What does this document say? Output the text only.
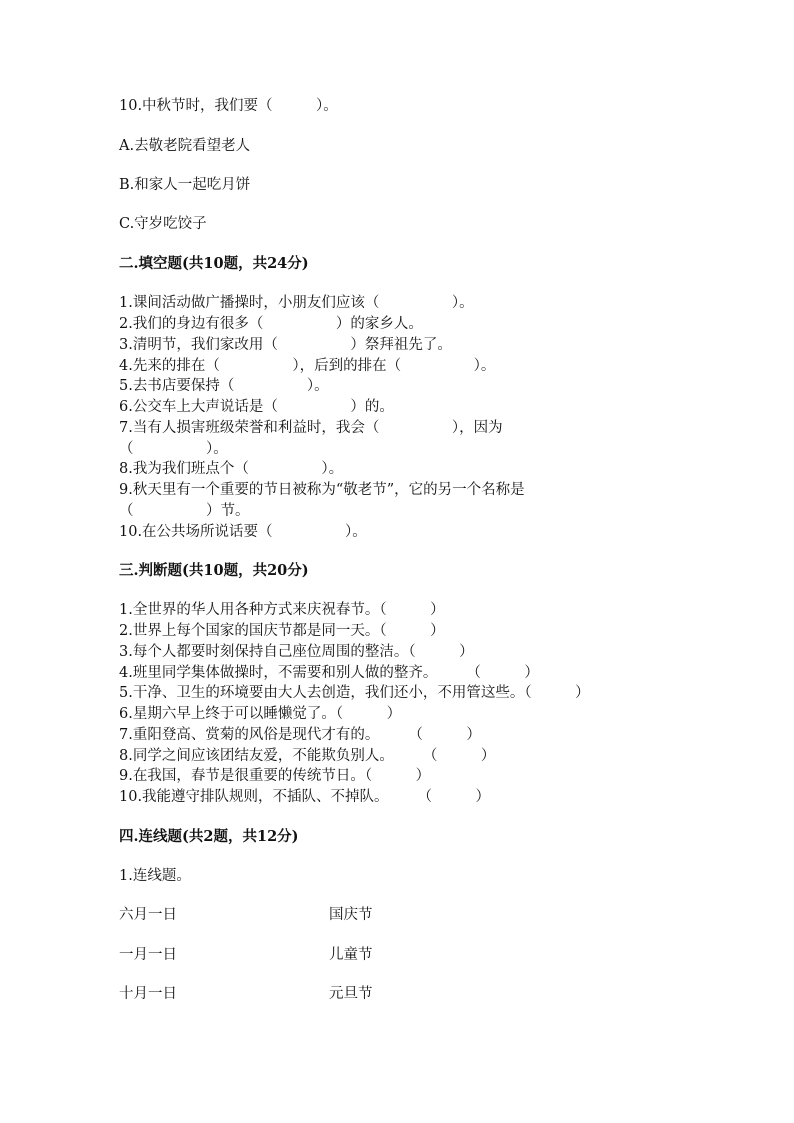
10.中秋节时，我们要（　　　）。
A.去敬老院看望老人
B.和家人一起吃月饼
C.守岁吃饺子
二.填空题(共10题，共24分)
1.课间活动做广播操时，小朋友们应该（　　　　　）。
2.我们的身边有很多（　　　　　）的家乡人。
3.清明节，我们家改用（　　　　　）祭拜祖先了。
4.先来的排在（　　　　　），后到的排在（　　　　　）。
5.去书店要保持（　　　　　）。
6.公交车上大声说话是（　　　　　）的。
7.当有人损害班级荣誉和利益时，我会（　　　　　），因为
（　　　　　）。
8.我为我们班点个（　　　　　）。
9.秋天里有一个重要的节日被称为“敬老节”，它的另一个名称是
（　　　　　）节。
10.在公共场所说话要（　　　　　）。
三.判断题(共10题，共20分)
1.全世界的华人用各种方式来庆祝春节。（　　　）
2.世界上每个国家的国庆节都是同一天。（　　　）
3.每个人都要时刻保持自己座位周围的整洁。（　　　）
4.班里同学集体做操时，不需要和别人做的整齐。　　　（　　　）
5.干净、卫生的环境要由大人去创造，我们还小，不用管这些。（　　　）
6.星期六早上终于可以睡懒觉了。（　　　）
7.重阳登高、赏菊的风俗是现代才有的。　　　（　　　）
8.同学之间应该团结友爱，不能欺负别人。　　　（　　　）
9.在我国，春节是很重要的传统节日。（　　　）
10.我能遵守排队规则，不插队、不掉队。　　　（　　　）
四.连线题(共2题，共12分)
1.连线题。
六月一日	国庆节
一月一日	儿童节
十月一日	元旦节
